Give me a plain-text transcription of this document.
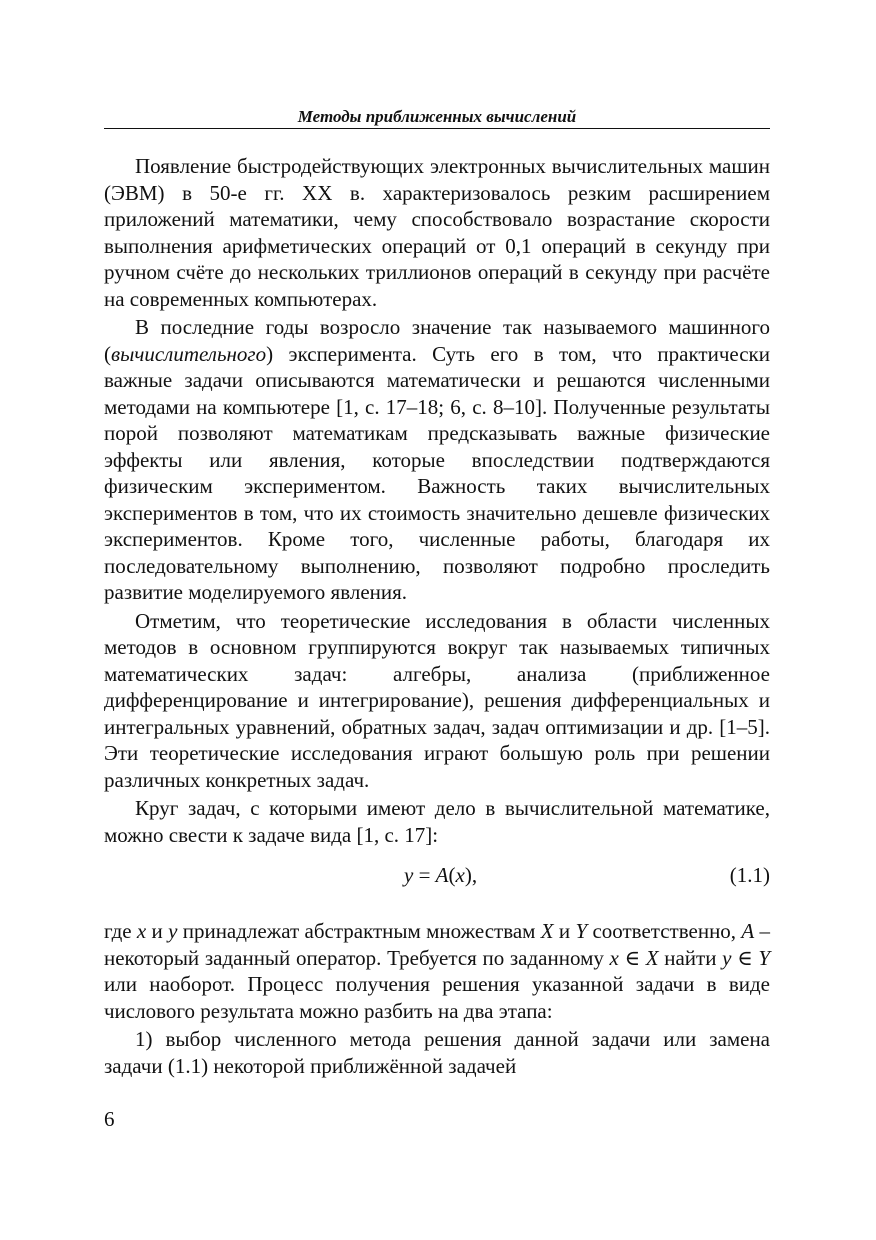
Методы приближенных вычислений

Появление быстродействующих электронных вычислительных машин (ЭВМ) в 50-е гг. XX в. характеризовалось резким расширением приложений математики, чему способствовало возрастание скорости выполнения арифметических операций от 0,1 операций в секунду при ручном счёте до нескольких триллионов операций в секунду при расчёте на современных компьютерах.

В последние годы возросло значение так называемого машинного (вычислительного) эксперимента. Суть его в том, что практически важные задачи описываются математически и решаются численными методами на компьютере [1, с. 17–18; 6, с. 8–10]. Полученные результаты порой позволяют математикам предсказывать важные физические эффекты или явления, которые впоследствии подтверждаются физическим экспериментом. Важность таких вычислительных экспериментов в том, что их стоимость значительно дешевле физических экспериментов. Кроме того, численные работы, благодаря их последовательному выполнению, позволяют подробно проследить развитие моделируемого явления.

Отметим, что теоретические исследования в области численных методов в основном группируются вокруг так называемых типичных математических задач: алгебры, анализа (приближенное дифференцирование и интегрирование), решения дифференциальных и интегральных уравнений, обратных задач, задач оптимизации и др. [1–5]. Эти теоретические исследования играют большую роль при решении различных конкретных задач.

Круг задач, с которыми имеют дело в вычислительной математике, можно свести к задаче вида [1, с. 17]:

y = A(x),	(1.1)

где x и y принадлежат абстрактным множествам X и Y соответственно, A – некоторый заданный оператор. Требуется по заданному x ∈ X найти y ∈ Y или наоборот. Процесс получения решения указанной задачи в виде числового результата можно разбить на два этапа:

1) выбор численного метода решения данной задачи или замена задачи (1.1) некоторой приближённой задачей

6
